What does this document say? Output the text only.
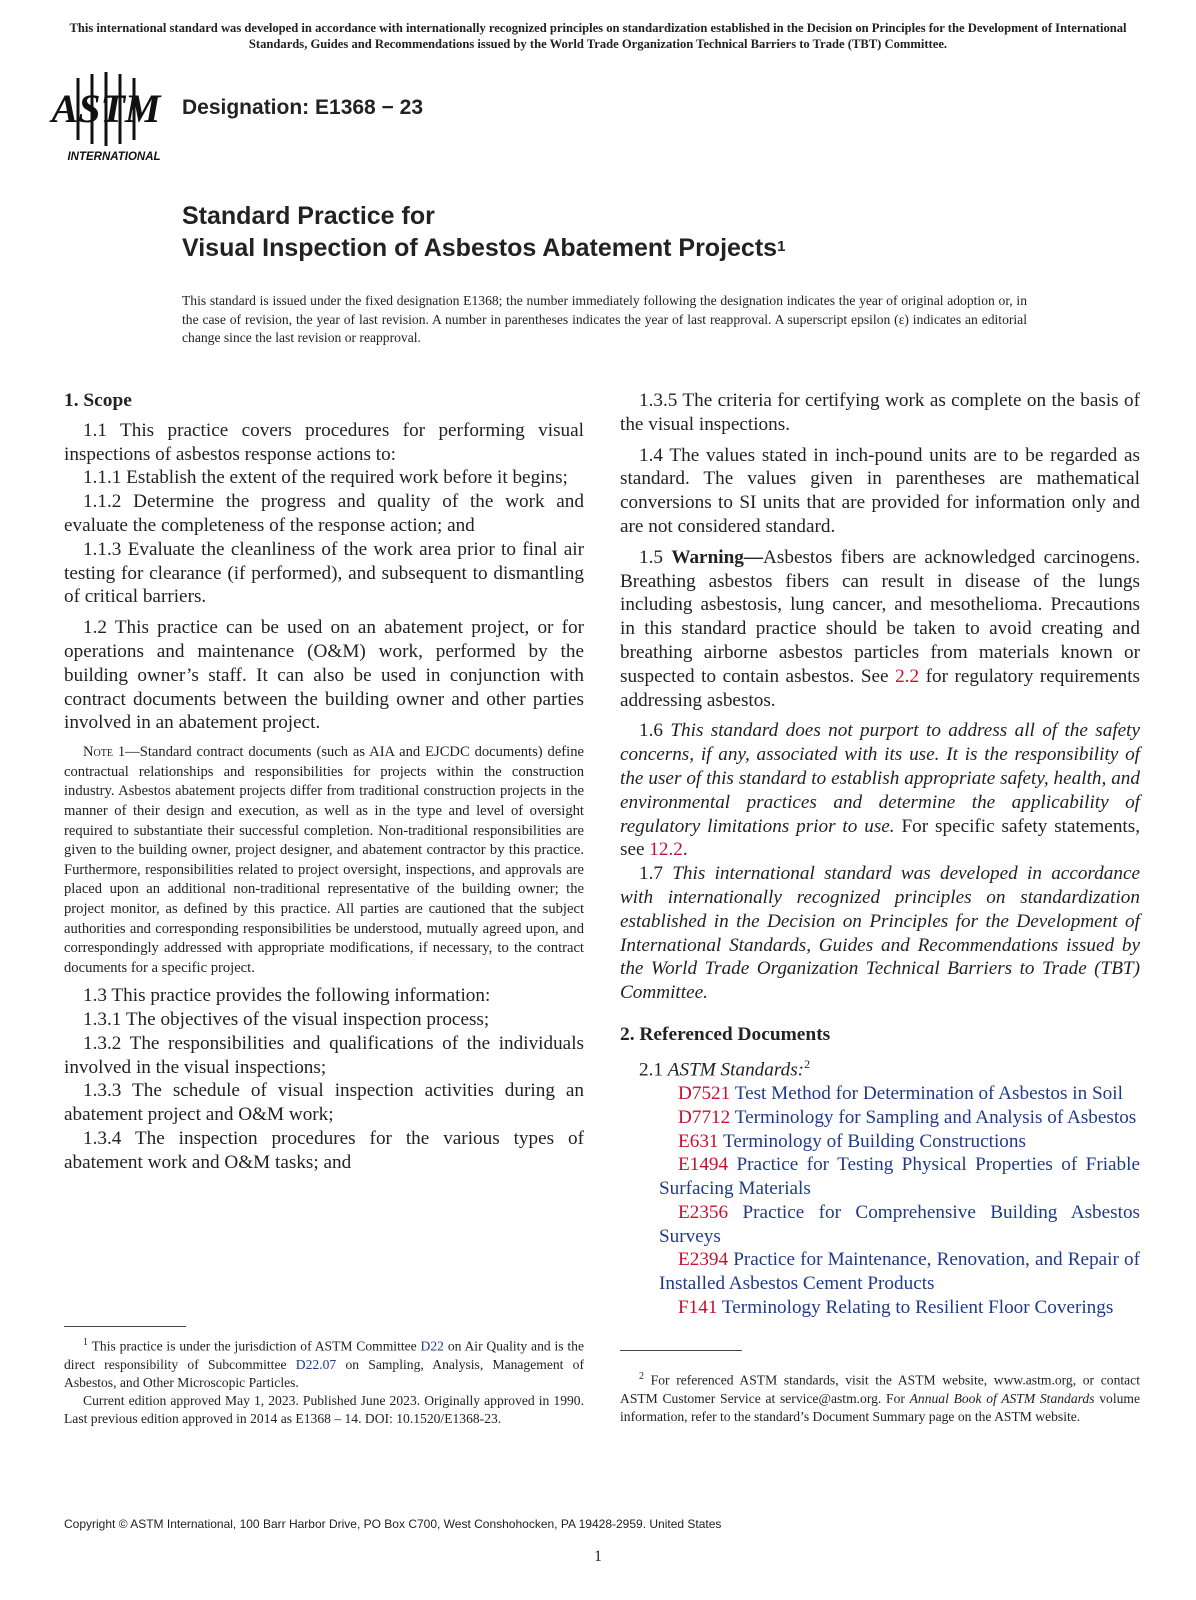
This international standard was developed in accordance with internationally recognized principles on standardization established in the Decision on Principles for the Development of International Standards, Guides and Recommendations issued by the World Trade Organization Technical Barriers to Trade (TBT) Committee.
ASTM
INTERNATIONAL
Designation: E1368 − 23
Standard Practice for
Visual Inspection of Asbestos Abatement Projects$^1$
This standard is issued under the fixed designation E1368; the number immediately following the designation indicates the year of original adoption or, in the case of revision, the year of last revision. A number in parentheses indicates the year of last reapproval. A superscript epsilon (ε) indicates an editorial change since the last revision or reapproval.
1. Scope

1.1 This practice covers procedures for performing visual inspections of asbestos response actions to:

1.1.1 Establish the extent of the required work before it begins;

1.1.2 Determine the progress and quality of the work and evaluate the completeness of the response action; and

1.1.3 Evaluate the cleanliness of the work area prior to final air testing for clearance (if performed), and subsequent to dismantling of critical barriers.

1.2 This practice can be used on an abatement project, or for operations and maintenance (O&M) work, performed by the building owner’s staff. It can also be used in conjunction with contract documents between the building owner and other parties involved in an abatement project.

Note 1—Standard contract documents (such as AIA and EJCDC documents) define contractual relationships and responsibilities for projects within the construction industry. Asbestos abatement projects differ from traditional construction projects in the manner of their design and execution, as well as in the type and level of oversight required to substantiate their successful completion. Non-traditional responsibilities are given to the building owner, project designer, and abatement contractor by this practice. Furthermore, responsibilities related to project oversight, inspections, and approvals are placed upon an additional non-traditional representative of the building owner; the project monitor, as defined by this practice. All parties are cautioned that the subject authorities and corresponding responsibilities be understood, mutually agreed upon, and correspondingly addressed with appropriate modifications, if necessary, to the contract documents for a specific project.

1.3 This practice provides the following information:

1.3.1 The objectives of the visual inspection process;

1.3.2 The responsibilities and qualifications of the individuals involved in the visual inspections;

1.3.3 The schedule of visual inspection activities during an abatement project and O&M work;

1.3.4 The inspection procedures for the various types of abatement work and O&M tasks; and

1.3.5 The criteria for certifying work as complete on the basis of the visual inspections.

1.4 The values stated in inch-pound units are to be regarded as standard. The values given in parentheses are mathematical conversions to SI units that are provided for information only and are not considered standard.

1.5 Warning—Asbestos fibers are acknowledged carcinogens. Breathing asbestos fibers can result in disease of the lungs including asbestosis, lung cancer, and mesothelioma. Precautions in this standard practice should be taken to avoid creating and breathing airborne asbestos particles from materials known or suspected to contain asbestos. See 2.2 for regulatory requirements addressing asbestos.

1.6 This standard does not purport to address all of the safety concerns, if any, associated with its use. It is the responsibility of the user of this standard to establish appropriate safety, health, and environmental practices and determine the applicability of regulatory limitations prior to use. For specific safety statements, see 12.2.

1.7 This international standard was developed in accordance with internationally recognized principles on standardization established in the Decision on Principles for the Development of International Standards, Guides and Recommendations issued by the World Trade Organization Technical Barriers to Trade (TBT) Committee.

2. Referenced Documents

2.1 ASTM Standards:$^2$

D7521 Test Method for Determination of Asbestos in Soil

D7712 Terminology for Sampling and Analysis of Asbestos

E631 Terminology of Building Constructions

E1494 Practice for Testing Physical Properties of Friable Surfacing Materials

E2356 Practice for Comprehensive Building Asbestos Surveys

E2394 Practice for Maintenance, Renovation, and Repair of Installed Asbestos Cement Products

F141 Terminology Relating to Resilient Floor Coverings

$^1$ This practice is under the jurisdiction of ASTM Committee D22 on Air Quality and is the direct responsibility of Subcommittee D22.07 on Sampling, Analysis, Management of Asbestos, and Other Microscopic Particles.

Current edition approved May 1, 2023. Published June 2023. Originally approved in 1990. Last previous edition approved in 2014 as E1368 – 14. DOI: 10.1520/E1368-23.

$^2$ For referenced ASTM standards, visit the ASTM website, www.astm.org, or contact ASTM Customer Service at service@astm.org. For Annual Book of ASTM Standards volume information, refer to the standard’s Document Summary page on the ASTM website.

Copyright © ASTM International, 100 Barr Harbor Drive, PO Box C700, West Conshohocken, PA 19428-2959. United States
1
